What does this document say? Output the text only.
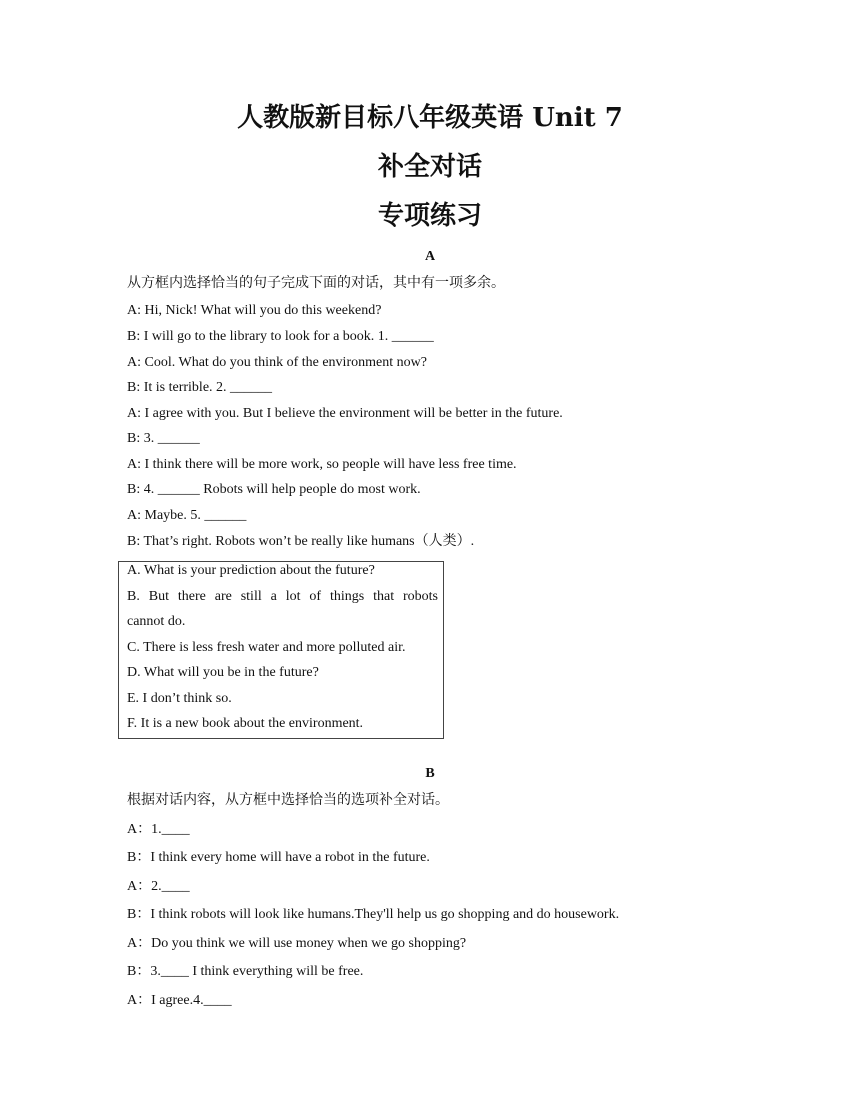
人教版新目标八年级英语 Unit 7
补全对话
专项练习
A
从方框内选择恰当的句子完成下面的对话，其中有一项多余。
A: Hi, Nick! What will you do this weekend?
B: I will go to the library to look for a book. 1. ______
A: Cool. What do you think of the environment now?
B: It is terrible. 2. ______
A: I agree with you. But I believe the environment will be better in the future.
B: 3. ______
A: I think there will be more work, so people will have less free time.
B: 4. ______ Robots will help people do most work.
A: Maybe. 5. ______
B: That’s right. Robots won’t be really like humans（人类）.
A. What is your prediction about the future?
B. But there are still a lot of things that robots
cannot do.
C. There is less fresh water and more polluted air.
D. What will you be in the future?
E. I don’t think so.
F. It is a new book about the environment.
B
根据对话内容，从方框中选择恰当的选项补全对话。
A：1.____
B：I think every home will have a robot in the future.
A：2.____
B：I think robots will look like humans.They'll help us go shopping and do housework.
A：Do you think we will use money when we go shopping?
B：3.____ I think everything will be free.
A：I agree.4.____
